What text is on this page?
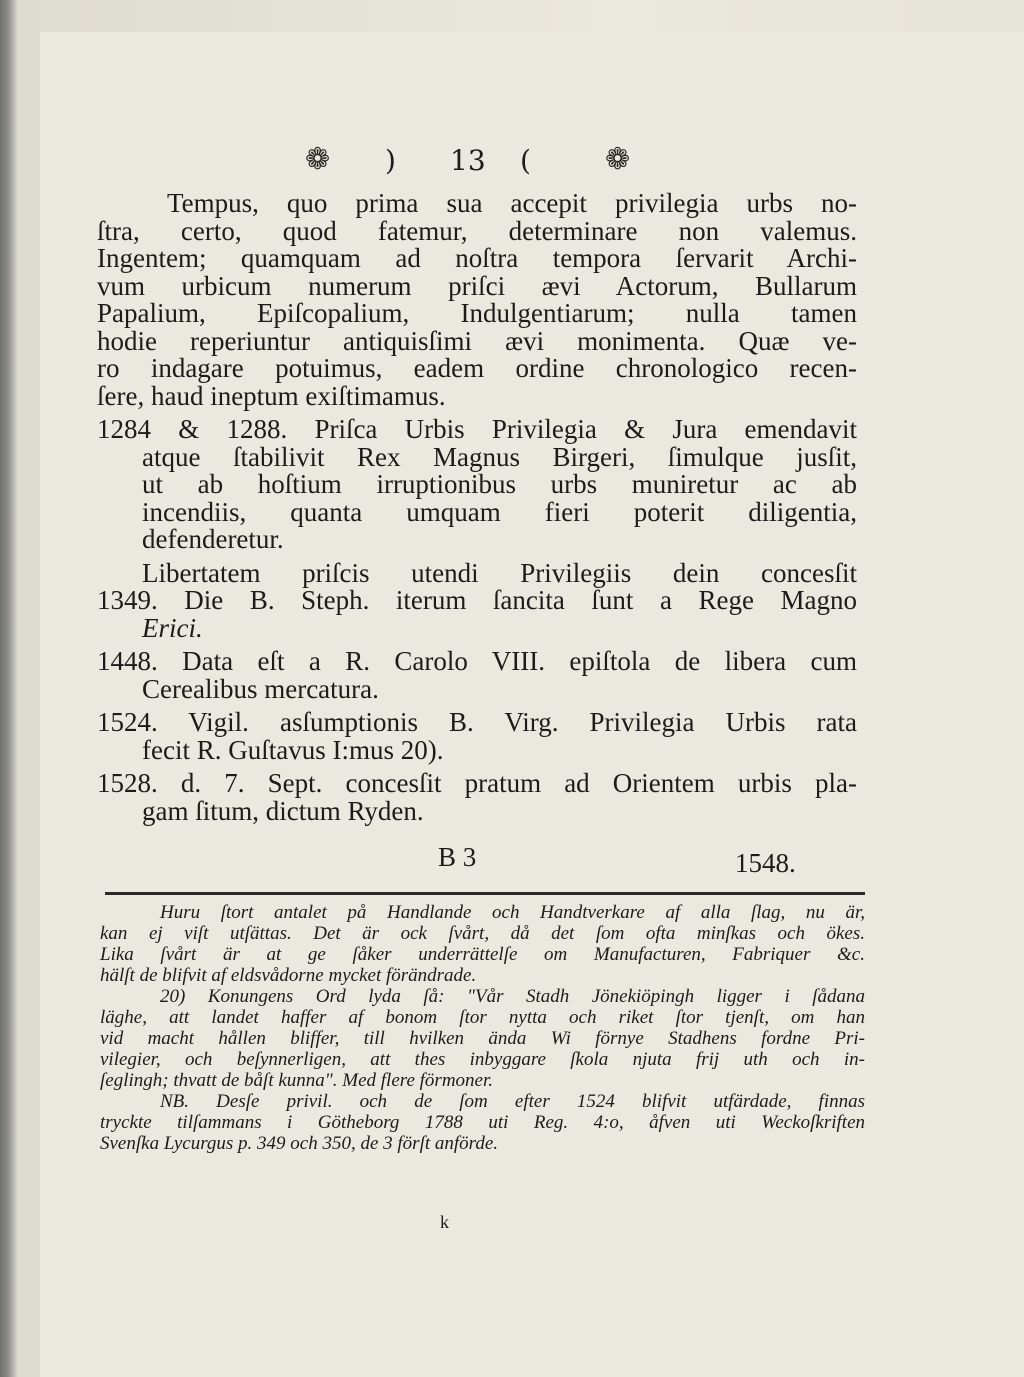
❁ ) 13 ( ❁
Tempus, quo prima sua accepit privilegia urbs no-
ſtra, certo, quod fatemur, determinare non valemus.
Ingentem; quamquam ad noſtra tempora ſervarit Archi-
vum urbicum numerum priſci ævi Actorum, Bullarum
Papalium, Epiſcopalium, Indulgentiarum; nulla tamen
hodie reperiuntur antiquisſimi ævi monimenta. Quæ ve-
ro indagare potuimus, eadem ordine chronologico recen-
ſere, haud ineptum exiſtimamus.
1284 & 1288. Priſca Urbis Privilegia & Jura emendavit
atque ſtabilivit Rex Magnus Birgeri, ſimulque jusſit,
ut ab hoſtium irruptionibus urbs muniretur ac ab
incendiis, quanta umquam fieri poterit diligentia,
defenderetur.
Libertatem priſcis utendi Privilegiis dein concesſit
1349. Die B. Steph. iterum ſancita ſunt a Rege Magno
Erici.
1448. Data eſt a R. Carolo VIII. epiſtola de libera cum
Cerealibus mercatura.
1524. Vigil. asſumptionis B. Virg. Privilegia Urbis rata
fecit R. Guſtavus I:mus 20).
1528. d. 7. Sept. concesſit pratum ad Orientem urbis pla-
gam ſitum, dictum Ryden.
B 3	1548.
Huru ſtort antalet på Handlande och Handtverkare af alla ſlag, nu är,
kan ej viſt utſättas. Det är ock ſvårt, då det ſom ofta minſkas och ökes.
Lika ſvårt är at ge ſåker underrättelſe om Manufacturen, Fabriquer &c.
hälſt de blifvit af eldsvådorne mycket förändrade.
20) Konungens Ord lyda ſå: "Vår Stadh Jönekiöpingh ligger i ſådana
läghe, att landet haffer af bonom ſtor nytta och riket ſtor tjenſt, om han
vid macht hållen bliffer, till hvilken ända Wi förnye Stadhens fordne Pri-
vilegier, och beſynnerligen, att thes inbyggare ſkola njuta frij uth och in-
ſeglingh; thvatt de båſt kunna". Med flere förmoner.
NB. Desſe privil. och de ſom efter 1524 blifvit utfärdade, finnas
tryckte tilſammans i Götheborg 1788 uti Reg. 4:o, åfven uti Weckoſkriften
Svenſka Lycurgus p. 349 och 350, de 3 förſt anförde.
k
